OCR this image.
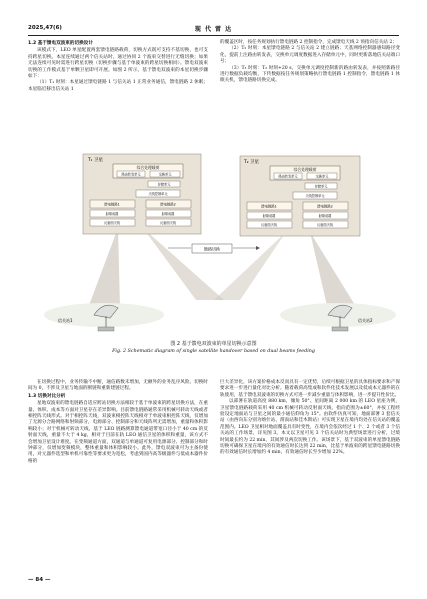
2025,47(6)	现 代 雷 达

1.2 基于馈电双波束的切换设计

该模式下，LEO 单星配置两套馈电链路载荷，切换方式既可支持不基切换，也可支持跨星切换。本星连续通过两个信关站时，通过协同 2 个波束交替进行无缝切换；如果无法连续可见时需进行跨星切换（切换步骤与基于单波束的跨星切换相同）。馈电双波束切换的工作模式基于单颗卫星即可开展。如图 2 所示，基于馈电双波束的本星切换步骤如下：

（1）T₁ 时刻：本星通过馈电链路 1 与信关站 1 正常业务通信，馈电链路 2 休眠；本星临近移出信关站 1

的覆盖区时，按任务规划执行馈电链路 2 控制指令，完成馈电天线 2 预指向信关站 2；

（2）T₂ 时刻：本星馈电链路 2 与信关站 2 建立链路；天基网络控制器感知路径变化，提前上注路由转发表，交换单元调度数据进入存储单元中，同时更新落地信关站端口号；

（3）T₃ 时刻：T₃ 时刻+20 s，交换单元调度控制新的路由转发表，并按照新路径进行数据负载均衡，下传数据按任务规划策略执行馈电链路 1 控制指令，馈电链路 1 休眠关机，馈电链路切换完成。

T₁ 卫星
综合处理载荷
路由转发单元	交换单元
存储单元
天线控制单元
馈电链路1	馈电链路2
射频前端	射频前端
反射面天线	反射面天线
T₂ 卫星
综合处理载荷
路由转发单元	交换单元
存储单元
天线控制单元
馈电链路1	馈电链路2
射频前端	射频前端
反射面天线	反射面天线
链路切换
信关站1	信关站2
图 2 基于馈电双波束的单星切换示意图
Fig. 2 Schematic diagram of single satellite handover based on dual beams feeding

在切换过程中，业务传输不中断，通信路数未增加，无额外的业务乱序风险。切换时间为 0，不涉及卫星与地面的断链和重新建链过程。

1.3 切换对比分析

星地双波束的馈电链路自适应跨站切换方法相较于基于单波束的跨星切换方法，在重量、体积、成本等方面对卫星存在差异影响。目前馈电链路通常采用机械可转动天线或者相控阵天线形式。对于相控阵天线，双波束相控阵天线相对于单波束相控阵天线，仅增加了无源分合路网络和射频部分，电源部分、控制部分和天线阵列无需增加，重量和体积影响较小；对于机械可转动天线，基于 LEO 链路测算馈电通道带宽口径小于 40 cm 的反射面天线，重量不大于 4 kg，相对于目前在轨 LEO 通信卫星的体积和重量，该方式不会增加卫星设计难度。在变频通道方面，双通道与单通道可复用电源部分、控制部分和时钟部分，仅增加变频模块，整体重量和体积影响较小。此外，馈电双波束可为主备份使用，对元器件选型和单机可靠性等要求更为宽松，考虑到国内高等级器件与低成本器件价格的

巨大差异化，该方案价格成本反而具有一定优势，后续可根据卫星的具体指标要求和产保要求进一步进行量化对比分析。随着载荷高集成和软件化技术发展以及低成本元器件的在轨使用，基于馈电双波束的切换方式可进一步减少重量与体积影响，进一步提升性价比。

以部署在轨道高度 880 km，倾角 50°、星间距离 2 000 km 的 LEO 星座为例，卫星馈电链路载荷采用 40 cm 机械可转动反射面天线，指向范围为±60°，并按工程经验设定地面站与卫星之间的最小通信仰角为 15°。由软件仿真可知，地面部署 3 套信关站（由西向东分别为喀什站、渭南站和佳木斯站）可实现卫星在境内均处在信关站的覆盖范围内。LEO 卫星相对地面覆盖具有时变性，在境内会依次经过 1 个、2 个或者 3 个信关站的工作场景，详见图 3。本文以卫星可见 3 个信关站时为典型场景进行分析，过境时间最长约为 22 min，其间涉及两次切换工作。该场景下，基于双波束的单星馈电链路切换可确保卫星在境内的有效通信时长达到 22 min，比基于单波束的跨星馈电链路切换的有效通信时长增加约 4 min，有效通信时长至少增加 22%。

— 84 —
